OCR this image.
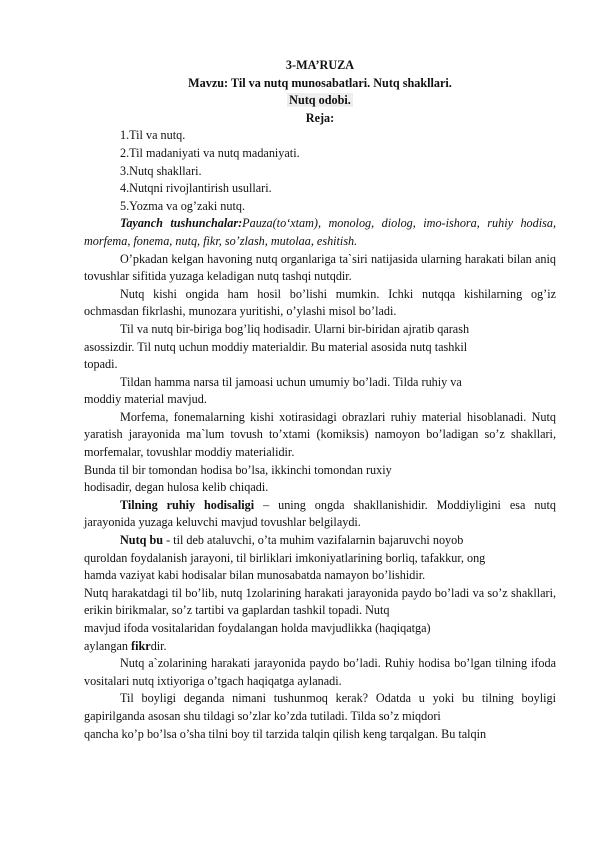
3-MA’RUZA

Mavzu: Til va nutq munosabatlari. Nutq shakllari.

Nutq odobi.

Reja:

1.Til va nutq.
2.Til madaniyati va nutq madaniyati.
3.Nutq shakllari.
4.Nutqni rivojlantirish usullari.
5.Yozma va og’zaki nutq.

Tayanch tushunchalar:Pauza(to‘xtam), monolog, diolog, imo-ishora, ruhiy hodisa, morfema, fonema, nutq, fikr, so’zlash, mutolaa, eshitish.

O’pkadan kelgan havoning nutq organlariga ta`siri natijasida ularning harakati bilan aniq tovushlar sifitida yuzaga keladigan nutq tashqi nutqdir.

Nutq kishi ongida ham hosil bo’lishi mumkin. Ichki nutqqa kishilarning og’iz ochmasdan fikrlashi, munozara yuritishi, o’ylashi misol bo’ladi.

Til va nutq bir-biriga bog’liq hodisadir. Ularni bir-biridan ajratib qarash
asossizdir. Til nutq uchun moddiy materialdir. Bu material asosida nutq tashkil
topadi.

Tildan hamma narsa til jamoasi uchun umumiy bo’ladi. Tilda ruhiy va
moddiy material mavjud.

Morfema, fonemalarning kishi xotirasidagi obrazlari ruhiy material hisoblanadi. Nutq yaratish jarayonida ma`lum tovush to’xtami (komiksis) namoyon bo’ladigan so’z shakllari, morfemalar, tovushlar moddiy materialidir.

Bunda til bir tomondan hodisa bo’lsa, ikkinchi tomondan ruxiy
hodisadir, degan hulosa kelib chiqadi.

Tilning ruhiy hodisaligi – uning ongda shakllanishidir. Moddiyligini esa nutq jarayonida yuzaga keluvchi mavjud tovushlar belgilaydi.

Nutq bu - til deb ataluvchi, o’ta muhim vazifalarnin bajaruvchi noyob
quroldan foydalanish jarayoni, til birliklari imkoniyatlarining borliq, tafakkur, ong
hamda vaziyat kabi hodisalar bilan munosabatda namayon bo’lishidir.

Nutq harakatdagi til bo’lib, nutq 1zolarining harakati jarayonida paydo bo’ladi va so’z shakllari, erikin birikmalar, so’z tartibi va gaplardan tashkil topadi. Nutq

mavjud ifoda vositalaridan foydalangan holda mavjudlikka (haqiqatga)
aylangan fikrdir.

Nutq a`zolarining harakati jarayonida paydo bo’ladi. Ruhiy hodisa bo’lgan tilning ifoda vositalari nutq ixtiyoriga o’tgach haqiqatga aylanadi.

Til boyligi deganda nimani tushunmoq kerak? Odatda u yoki bu tilning boyligi gapirilganda asosan shu tildagi so’zlar ko’zda tutiladi. Tilda so’z miqdori

qancha ko’p bo’lsa o’sha tilni boy til tarzida talqin qilish keng tarqalgan. Bu talqin
